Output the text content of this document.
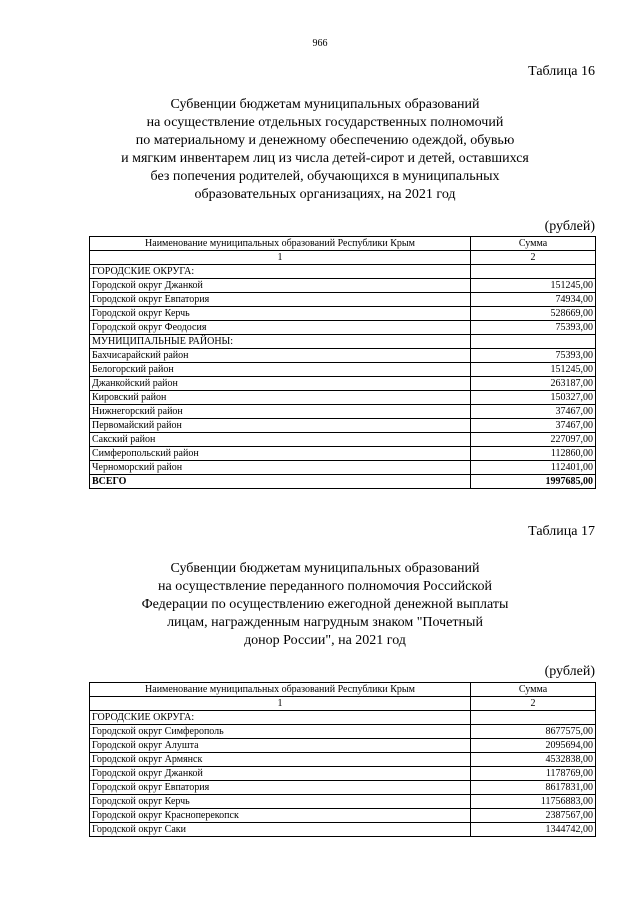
966
Таблица 16
Субвенции бюджетам муниципальных образований
на осуществление отдельных государственных полномочий
по материальному и денежному обеспечению одеждой, обувью
и мягким инвентарем лиц из числа детей-сирот и детей, оставшихся
без попечения родителей, обучающихся в муниципальных
образовательных организациях, на 2021 год
(рублей)
Наименование муниципальных образований Республики Крым	Сумма
1	2
ГОРОДСКИЕ ОКРУГА:	
Городской округ Джанкой	151245,00
Городской округ Евпатория	74934,00
Городской округ Керчь	528669,00
Городской округ Феодосия	75393,00
МУНИЦИПАЛЬНЫЕ РАЙОНЫ:	
Бахчисарайский район	75393,00
Белогорский район	151245,00
Джанкойский район	263187,00
Кировский район	150327,00
Нижнегорский район	37467,00
Первомайский район	37467,00
Сакский район	227097,00
Симферопольский район	112860,00
Черноморский район	112401,00
ВСЕГО	1997685,00
Таблица 17
Субвенции бюджетам муниципальных образований
на осуществление переданного полномочия Российской
Федерации по осуществлению ежегодной денежной выплаты
лицам, награжденным нагрудным знаком "Почетный
донор России", на 2021 год
(рублей)
Наименование муниципальных образований Республики Крым	Сумма
1	2
ГОРОДСКИЕ ОКРУГА:	
Городской округ Симферополь	8677575,00
Городской округ Алушта	2095694,00
Городской округ Армянск	4532838,00
Городской округ Джанкой	1178769,00
Городской округ Евпатория	8617831,00
Городской округ Керчь	11756883,00
Городской округ Красноперекопск	2387567,00
Городской округ Саки	1344742,00
